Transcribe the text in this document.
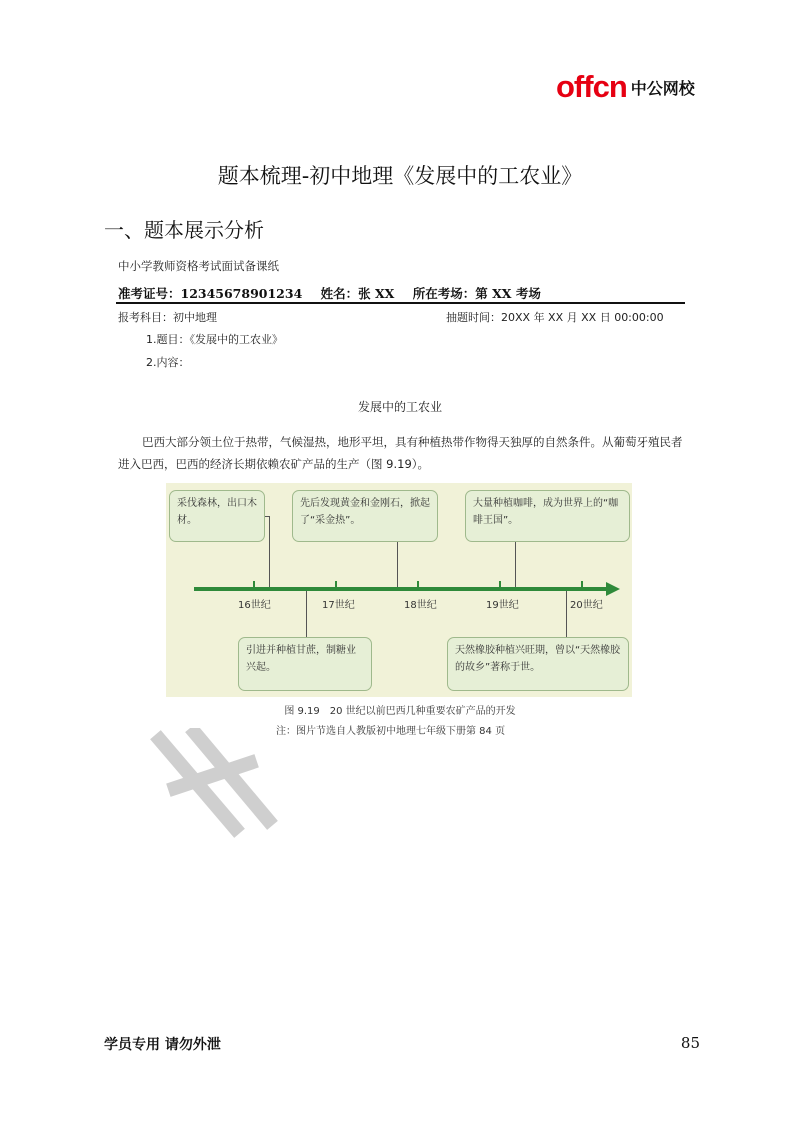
offcn 中公网校
题本梳理-初中地理《发展中的工农业》
一、题本展示分析
中小学教师资格考试面试备课纸
准考证号：12345678901234 姓名：张 XX 所在考场：第 XX 考场
报考科目：初中地理	抽题时间：20XX 年 XX 月 XX 日 00:00:00
1.题目：《发展中的工农业》
2.内容：
发展中的工农业
巴西大部分领土位于热带，气候湿热，地形平坦，具有种植热带作物得天独厚的自然条件。从葡萄牙殖民者进入巴西，巴西的经济长期依赖农矿产品的生产（图 9.19）。
采伐森林，出口木材。
先后发现黄金和金刚石，掀起了“采金热”。
大量种植咖啡，成为世界上的“咖啡王国”。
16世纪	17世纪	18世纪	19世纪	20世纪
引进并种植甘蔗，制糖业兴起。
天然橡胶种植兴旺期，曾以“天然橡胶的故乡”著称于世。
图 9.19　20 世纪以前巴西几种重要农矿产品的开发
注：图片节选自人教版初中地理七年级下册第 84 页
学员专用 请勿外泄	85
